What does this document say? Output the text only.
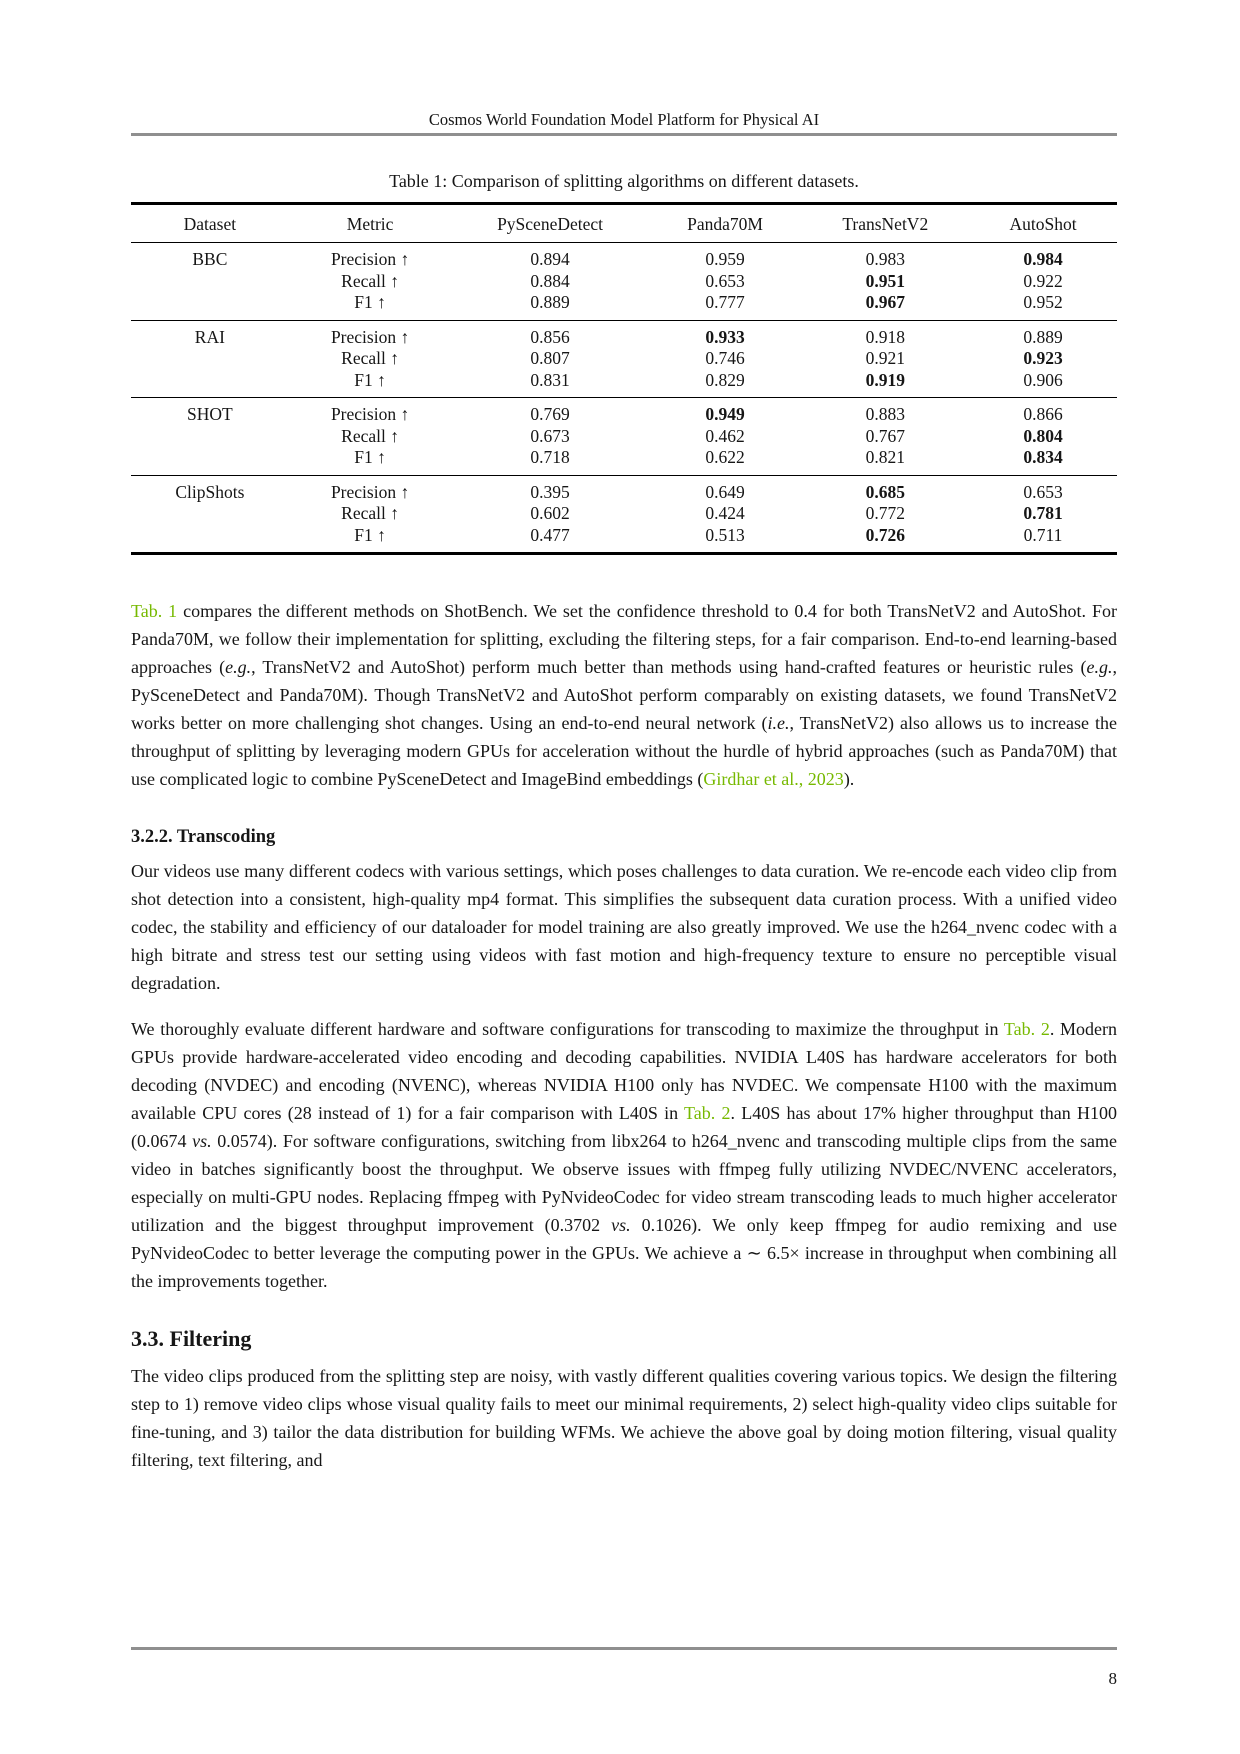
Cosmos World Foundation Model Platform for Physical AI
Table 1: Comparison of splitting algorithms on different datasets.
Dataset	Metric	PySceneDetect	Panda70M	TransNetV2	AutoShot
BBC	Precision ↑	0.894	0.959	0.983	0.984
	Recall ↑	0.884	0.653	0.951	0.922
	F1 ↑	0.889	0.777	0.967	0.952
RAI	Precision ↑	0.856	0.933	0.918	0.889
	Recall ↑	0.807	0.746	0.921	0.923
	F1 ↑	0.831	0.829	0.919	0.906
SHOT	Precision ↑	0.769	0.949	0.883	0.866
	Recall ↑	0.673	0.462	0.767	0.804
	F1 ↑	0.718	0.622	0.821	0.834
ClipShots	Precision ↑	0.395	0.649	0.685	0.653
	Recall ↑	0.602	0.424	0.772	0.781
	F1 ↑	0.477	0.513	0.726	0.711

Tab. 1 compares the different methods on ShotBench. We set the confidence threshold to 0.4 for both TransNetV2 and AutoShot. For Panda70M, we follow their implementation for splitting, excluding the filtering steps, for a fair comparison. End-to-end learning-based approaches (e.g., TransNetV2 and AutoShot) perform much better than methods using hand-crafted features or heuristic rules (e.g., PySceneDetect and Panda70M). Though TransNetV2 and AutoShot perform comparably on existing datasets, we found TransNetV2 works better on more challenging shot changes. Using an end-to-end neural network (i.e., TransNetV2) also allows us to increase the throughput of splitting by leveraging modern GPUs for acceleration without the hurdle of hybrid approaches (such as Panda70M) that use complicated logic to combine PySceneDetect and ImageBind embeddings (Girdhar et al., 2023).

3.2.2. Transcoding

Our videos use many different codecs with various settings, which poses challenges to data curation. We re-encode each video clip from shot detection into a consistent, high-quality mp4 format. This simplifies the subsequent data curation process. With a unified video codec, the stability and efficiency of our dataloader for model training are also greatly improved. We use the h264_nvenc codec with a high bitrate and stress test our setting using videos with fast motion and high-frequency texture to ensure no perceptible visual degradation.

We thoroughly evaluate different hardware and software configurations for transcoding to maximize the throughput in Tab. 2. Modern GPUs provide hardware-accelerated video encoding and decoding capabilities. NVIDIA L40S has hardware accelerators for both decoding (NVDEC) and encoding (NVENC), whereas NVIDIA H100 only has NVDEC. We compensate H100 with the maximum available CPU cores (28 instead of 1) for a fair comparison with L40S in Tab. 2. L40S has about 17% higher throughput than H100 (0.0674 vs. 0.0574). For software configurations, switching from libx264 to h264_nvenc and transcoding multiple clips from the same video in batches significantly boost the throughput. We observe issues with ffmpeg fully utilizing NVDEC/NVENC accelerators, especially on multi-GPU nodes. Replacing ffmpeg with PyNvideoCodec for video stream transcoding leads to much higher accelerator utilization and the biggest throughput improvement (0.3702 vs. 0.1026). We only keep ffmpeg for audio remixing and use PyNvideoCodec to better leverage the computing power in the GPUs. We achieve a ∼ 6.5× increase in throughput when combining all the improvements together.

3.3. Filtering

The video clips produced from the splitting step are noisy, with vastly different qualities covering various topics. We design the filtering step to 1) remove video clips whose visual quality fails to meet our minimal requirements, 2) select high-quality video clips suitable for fine-tuning, and 3) tailor the data distribution for building WFMs. We achieve the above goal by doing motion filtering, visual quality filtering, text filtering, and

8
